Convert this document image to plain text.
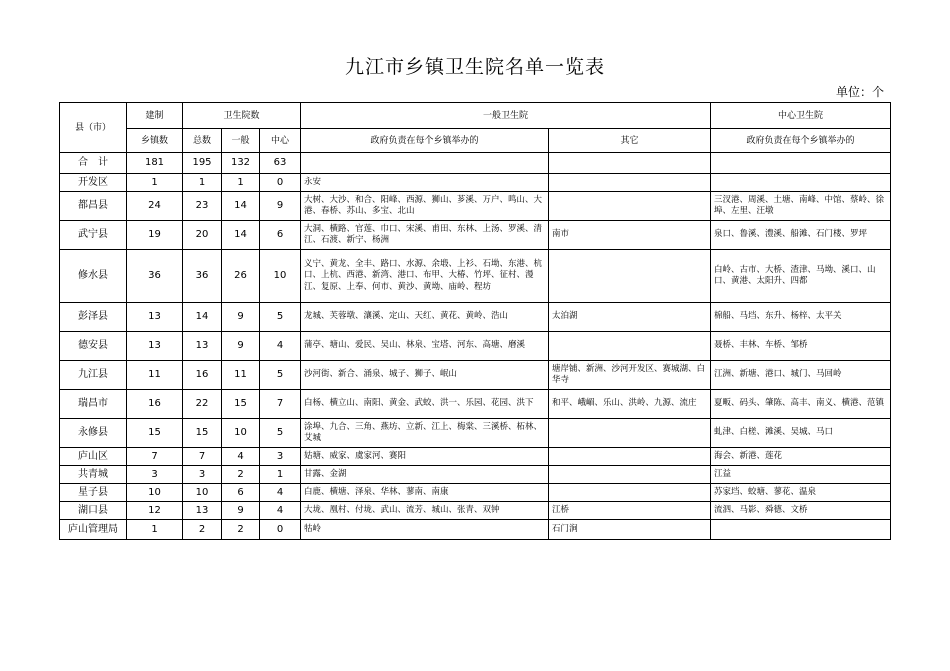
九江市乡镇卫生院名单一览表
单位：个
县（市）	建制	卫生院数			一般卫生院		中心卫生院
	乡镇数	总数	一般	中心	政府负责在每个乡镇举办的	其它	政府负责在每个乡镇举办的
合　计	181	195	132	63			
开发区	1	1	1	0	永安		
都昌县	24	23	14	9	大树、大沙、和合、阳峰、西源、狮山、芗溪、万户、鸣山、大港、春桥、苏山、多宝、北山		三汊港、周溪、土塘、南峰、中馆、蔡岭、徐埠、左里、汪墩
武宁县	19	20	14	6	大洞、横路、官莲、巾口、宋溪、甫田、东林、上汤、罗溪、清江、石渡、新宁、杨洲	南市	泉口、鲁溪、澧溪、船滩、石门楼、罗坪
修水县	36	36	26	10	义宁、黄龙、全丰、路口、水源、余塅、上衫、石坳、东港、杭口、上杭、西港、新湾、港口、布甲、大椿、竹坪、征村、漫江、复原、上奉、何市、黄沙、黄坳、庙岭、程坊		白岭、古市、大桥、渣津、马坳、溪口、山口、黄港、太阳升、四都
彭泽县	13	14	9	5	龙城、芙蓉墩、瀼溪、定山、天红、黄花、黄岭、浩山	太泊湖	棉船、马垱、东升、杨梓、太平关
德安县	13	13	9	4	蒲亭、塘山、爱民、吴山、林泉、宝塔、河东、高塘、磨溪		聂桥、丰林、车桥、邹桥
九江县	11	16	11	5	沙河街、新合、涌泉、城子、狮子、岷山	塘岸铺、新洲、沙河开发区、赛城湖、白华寺	江洲、新塘、港口、城门、马回岭
瑞昌市	16	22	15	7	白杨、横立山、南阳、黄金、武蛟、洪一、乐园、花园、洪下	和平、峨嵋、乐山、洪岭、九源、流庄	夏畈、码头、肇陈、高丰、南义、横港、范镇
永修县	15	15	10	5	涂埠、九合、三角、燕坊、立新、江上、梅棠、三溪桥、柘林、艾城		虬津、白槎、滩溪、吴城、马口
庐山区	7	7	4	3	姑塘、威家、虞家河、赛阳		海会、新港、莲花
共青城	3	3	2	1	甘露、金湖		江益
星子县	10	10	6	4	白鹿、横塘、泽泉、华林、蓼南、南康		苏家垱、蛟塘、蓼花、温泉
湖口县	12	13	9	4	大垅、凰村、付垅、武山、流芳、城山、张青、双钟	江桥	流泗、马影、舜德、文桥
庐山管理局	1	2	2	0	牯岭	石门涧	
